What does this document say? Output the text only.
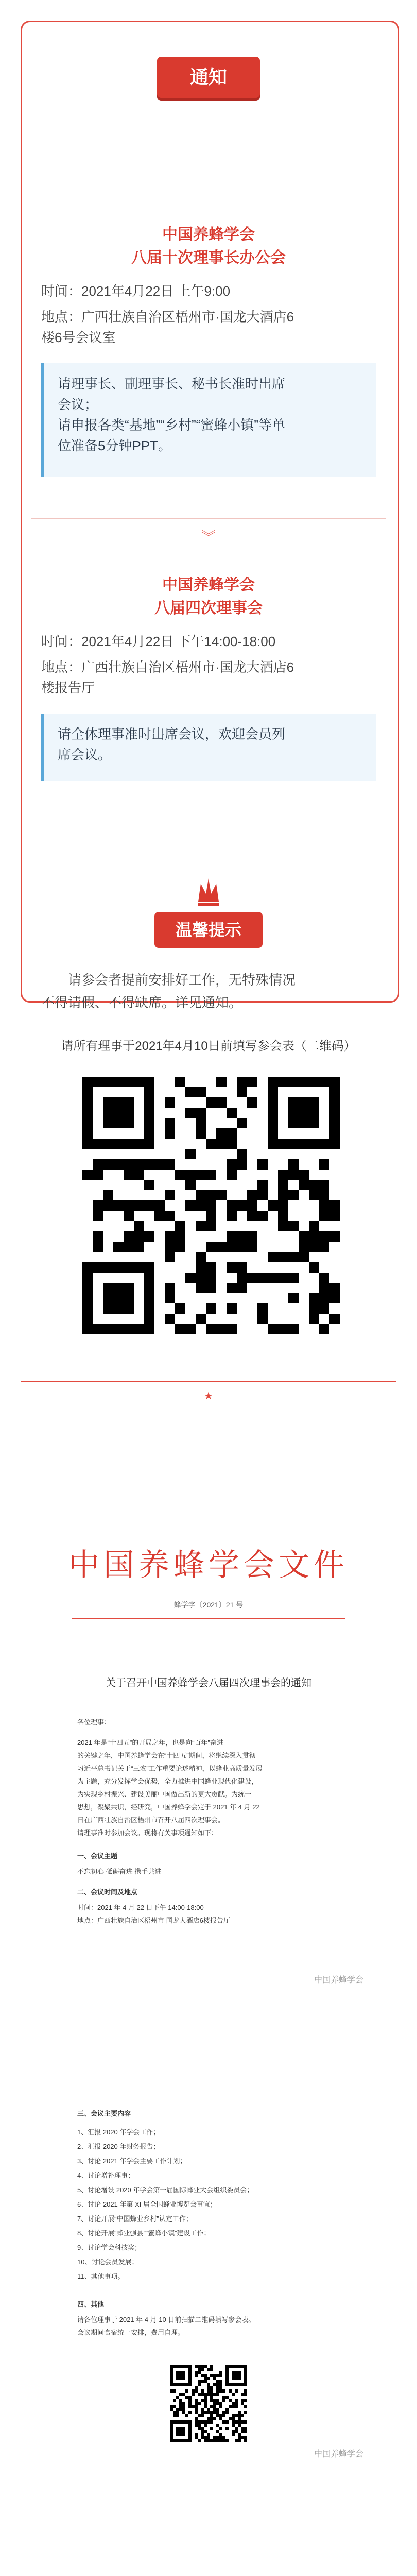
通知
中国养蜂学会
八届十次理事长办公会
时间：2021年4月22日 上午9:00
地点：广西壮族自治区梧州市·国龙大酒店6
楼6号会议室
请理事长、副理事长、秘书长准时出席
会议；
请申报各类“基地”“乡村”“蜜蜂小镇”等单
位准备5分钟PPT。
︾
中国养蜂学会
八届四次理事会
时间：2021年4月22日 下午14:00-18:00
地点：广西壮族自治区梧州市·国龙大酒店6
楼报告厅
请全体理事准时出席会议，欢迎会员列
席会议。
温馨提示
请参会者提前安排好工作，无特殊情况
不得请假、不得缺席。详见通知。
请所有理事于2021年4月10日前填写参会表（二维码）
★
中国养蜂学会文件
蜂学字〔2021〕21 号
关于召开中国养蜂学会八届四次理事会的通知
各位理事：
2021 年是“十四五”的开局之年，也是向“百年”奋进
的关键之年，中国养蜂学会在“十四五”期间，将继续深入贯彻
习近平总书记关于“三农”工作重要论述精神，以蜂业高质量发展
为主题，充分发挥学会优势，全力推进中国蜂业现代化建设，
为实现乡村振兴、建设美丽中国做出新的更大贡献。为统一
思想，凝聚共识，经研究，中国养蜂学会定于 2021 年 4 月 22
日在广西壮族自治区梧州市召开八届四次理事会。
请理事准时参加会议。现将有关事项通知如下：
一、会议主题
不忘初心 砥砺奋进 携手共进
二、会议时间及地点
时间：2021 年 4 月 22 日下午 14:00-18:00
地点：广西壮族自治区梧州市 国龙大酒店6楼报告厅
中国养蜂学会
三、会议主要内容
1、汇报 2020 年学会工作；
2、汇报 2020 年财务报告；
3、讨论 2021 年学会主要工作计划；
4、讨论增补理事；
5、讨论增设 2020 年学会第一届国际蜂业大会组织委员会；
6、讨论 2021 年第 XI 届全国蜂业博览会事宜；
7、讨论开展“中国蜂业乡村”认定工作；
8、讨论开展“蜂业强县”“蜜蜂小镇”建设工作；
9、讨论学会科技奖；
10、讨论会员发展；
11、其他事项。
四、其他
请各位理事于 2021 年 4 月 10 日前扫描二维码填写参会表。
会议期间食宿统一安排，费用自理。
中国养蜂学会
